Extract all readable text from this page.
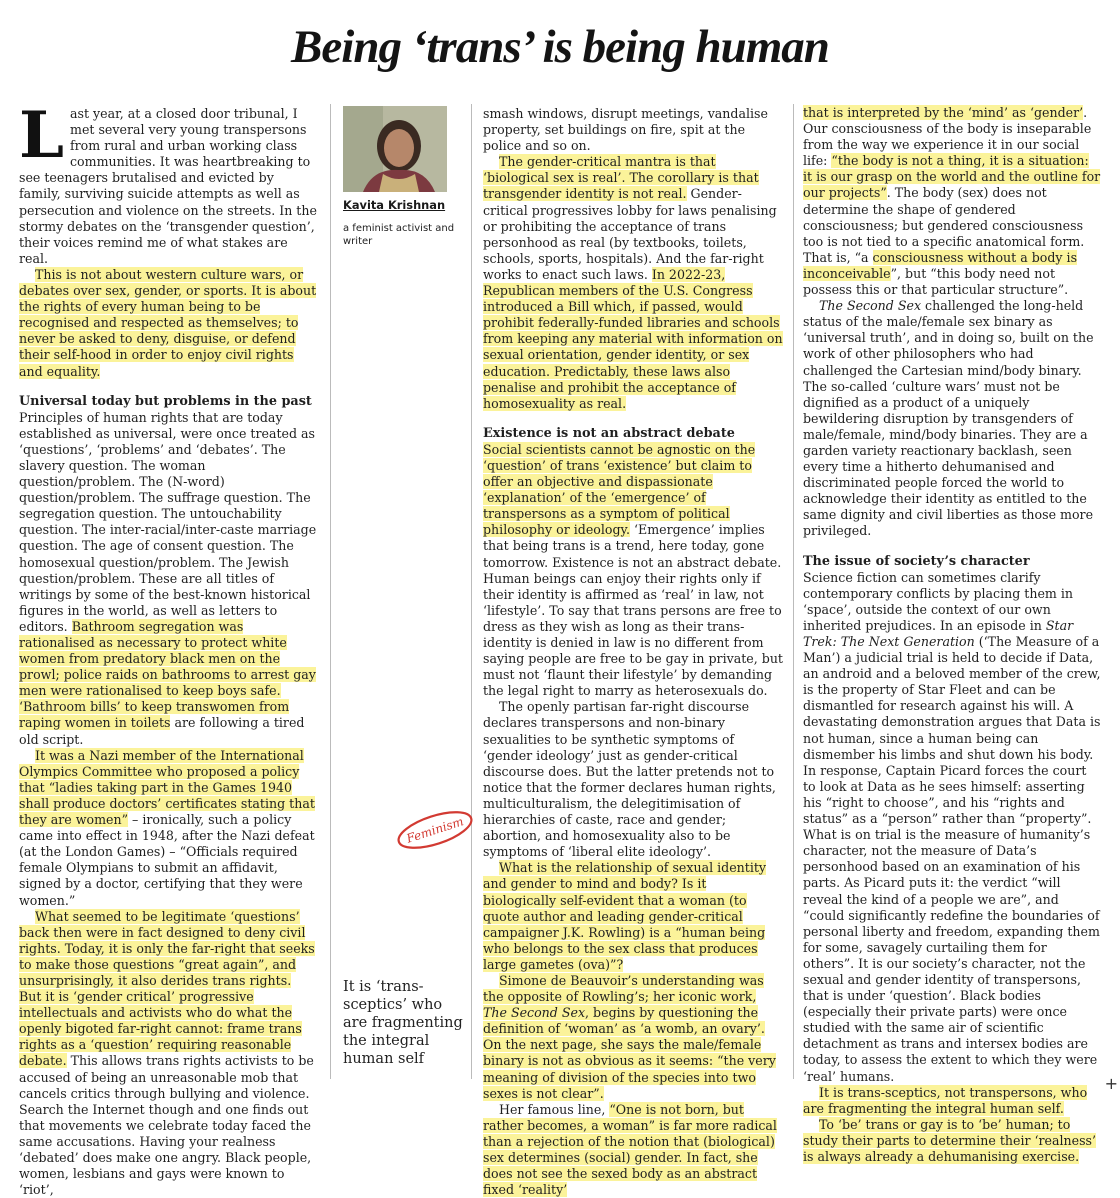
Being ‘trans’ is being human

Last year, at a closed door tribunal, I met several very young transpersons from rural and urban working class communities. It was heartbreaking to see teenagers brutalised and evicted by family, surviving suicide attempts as well as persecution and violence on the streets. In the stormy debates on the ‘transgender question’, their voices remind me of what stakes are real.

This is not about western culture wars, or debates over sex, gender, or sports. It is about the rights of every human being to be recognised and respected as themselves; to never be asked to deny, disguise, or defend their self-hood in order to enjoy civil rights and equality.

Universal today but problems in the past

Principles of human rights that are today established as universal, were once treated as ‘questions’, ‘problems’ and ‘debates’. The slavery question. The woman question/problem. The (N-word) question/problem. The suffrage question. The segregation question. The untouchability question. The inter-racial/inter-caste marriage question. The age of consent question. The homosexual question/problem. The Jewish question/problem. These are all titles of writings by some of the best-known historical figures in the world, as well as letters to editors. Bathroom segregation was rationalised as necessary to protect white women from predatory black men on the prowl; police raids on bathrooms to arrest gay men were rationalised to keep boys safe. ‘Bathroom bills’ to keep transwomen from raping women in toilets are following a tired old script.

It was a Nazi member of the International Olympics Committee who proposed a policy that “ladies taking part in the Games 1940 shall produce doctors’ certificates stating that they are women” – ironically, such a policy came into effect in 1948, after the Nazi defeat (at the London Games) – “Officials required female Olympians to submit an affidavit, signed by a doctor, certifying that they were women.”

What seemed to be legitimate ‘questions’ back then were in fact designed to deny civil rights. Today, it is only the far-right that seeks to make those questions “great again”, and unsurprisingly, it also derides trans rights. But it is ‘gender critical’ progressive intellectuals and activists who do what the openly bigoted far-right cannot: frame trans rights as a ‘question’ requiring reasonable debate. This allows trans rights activists to be accused of being an unreasonable mob that cancels critics through bullying and violence. Search the Internet though and one finds out that movements we celebrate today faced the same accusations. Having your realness ‘debated’ does make one angry. Black people, women, lesbians and gays were known to ‘riot’,

Kavita Krishnan
a feminist activist and writer
Feminism
It is ‘trans-sceptics’ who are fragmenting the integral human self

smash windows, disrupt meetings, vandalise property, set buildings on fire, spit at the police and so on.

The gender-critical mantra is that ‘biological sex is real’. The corollary is that transgender identity is not real. Gender-critical progressives lobby for laws penalising or prohibiting the acceptance of trans personhood as real (by textbooks, toilets, schools, sports, hospitals). And the far-right works to enact such laws. In 2022-23, Republican members of the U.S. Congress introduced a Bill which, if passed, would prohibit federally-funded libraries and schools from keeping any material with information on sexual orientation, gender identity, or sex education. Predictably, these laws also penalise and prohibit the acceptance of homosexuality as real.

Existence is not an abstract debate

Social scientists cannot be agnostic on the ‘question’ of trans ‘existence’ but claim to offer an objective and dispassionate ‘explanation’ of the ‘emergence’ of transpersons as a symptom of political philosophy or ideology. ‘Emergence’ implies that being trans is a trend, here today, gone tomorrow. Existence is not an abstract debate. Human beings can enjoy their rights only if their identity is affirmed as ‘real’ in law, not ‘lifestyle’. To say that trans persons are free to dress as they wish as long as their trans-identity is denied in law is no different from saying people are free to be gay in private, but must not ‘flaunt their lifestyle’ by demanding the legal right to marry as heterosexuals do.

The openly partisan far-right discourse declares transpersons and non-binary sexualities to be synthetic symptoms of ‘gender ideology’ just as gender-critical discourse does. But the latter pretends not to notice that the former declares human rights, multiculturalism, the delegitimisation of hierarchies of caste, race and gender; abortion, and homosexuality also to be symptoms of ‘liberal elite ideology’.

What is the relationship of sexual identity and gender to mind and body? Is it biologically self-evident that a woman (to quote author and leading gender-critical campaigner J.K. Rowling) is a “human being who belongs to the sex class that produces large gametes (ova)”?

Simone de Beauvoir’s understanding was the opposite of Rowling’s; her iconic work, The Second Sex, begins by questioning the definition of ‘woman’ as ‘a womb, an ovary’. On the next page, she says the male/female binary is not as obvious as it seems: “the very meaning of division of the species into two sexes is not clear”.

Her famous line, “One is not born, but rather becomes, a woman” is far more radical than a rejection of the notion that (biological) sex determines (social) gender. In fact, she does not see the sexed body as an abstract fixed ‘reality’

that is interpreted by the ‘mind’ as ‘gender’. Our consciousness of the body is inseparable from the way we experience it in our social life: “the body is not a thing, it is a situation: it is our grasp on the world and the outline for our projects”. The body (sex) does not determine the shape of gendered consciousness; but gendered consciousness too is not tied to a specific anatomical form. That is, “a consciousness without a body is inconceivable”, but “this body need not possess this or that particular structure”.

The Second Sex challenged the long-held status of the male/female sex binary as ‘universal truth’, and in doing so, built on the work of other philosophers who had challenged the Cartesian mind/body binary. The so-called ‘culture wars’ must not be dignified as a product of a uniquely bewildering disruption by transgenders of male/female, mind/body binaries. They are a garden variety reactionary backlash, seen every time a hitherto dehumanised and discriminated people forced the world to acknowledge their identity as entitled to the same dignity and civil liberties as those more privileged.

The issue of society’s character

Science fiction can sometimes clarify contemporary conflicts by placing them in ‘space’, outside the context of our own inherited prejudices. In an episode in Star Trek: The Next Generation (‘The Measure of a Man’) a judicial trial is held to decide if Data, an android and a beloved member of the crew, is the property of Star Fleet and can be dismantled for research against his will. A devastating demonstration argues that Data is not human, since a human being can dismember his limbs and shut down his body. In response, Captain Picard forces the court to look at Data as he sees himself: asserting his “right to choose”, and his “rights and status” as a “person” rather than “property”. What is on trial is the measure of humanity’s character, not the measure of Data’s personhood based on an examination of his parts. As Picard puts it: the verdict “will reveal the kind of a people we are”, and “could significantly redefine the boundaries of personal liberty and freedom, expanding them for some, savagely curtailing them for others”. It is our society’s character, not the sexual and gender identity of transpersons, that is under ‘question’. Black bodies (especially their private parts) were once studied with the same air of scientific detachment as trans and intersex bodies are today, to assess the extent to which they were ‘real’ humans.

It is trans-sceptics, not transpersons, who are fragmenting the integral human self.

To ‘be’ trans or gay is to ‘be’ human; to study their parts to determine their ‘realness’ is always already a dehumanising exercise.

+
